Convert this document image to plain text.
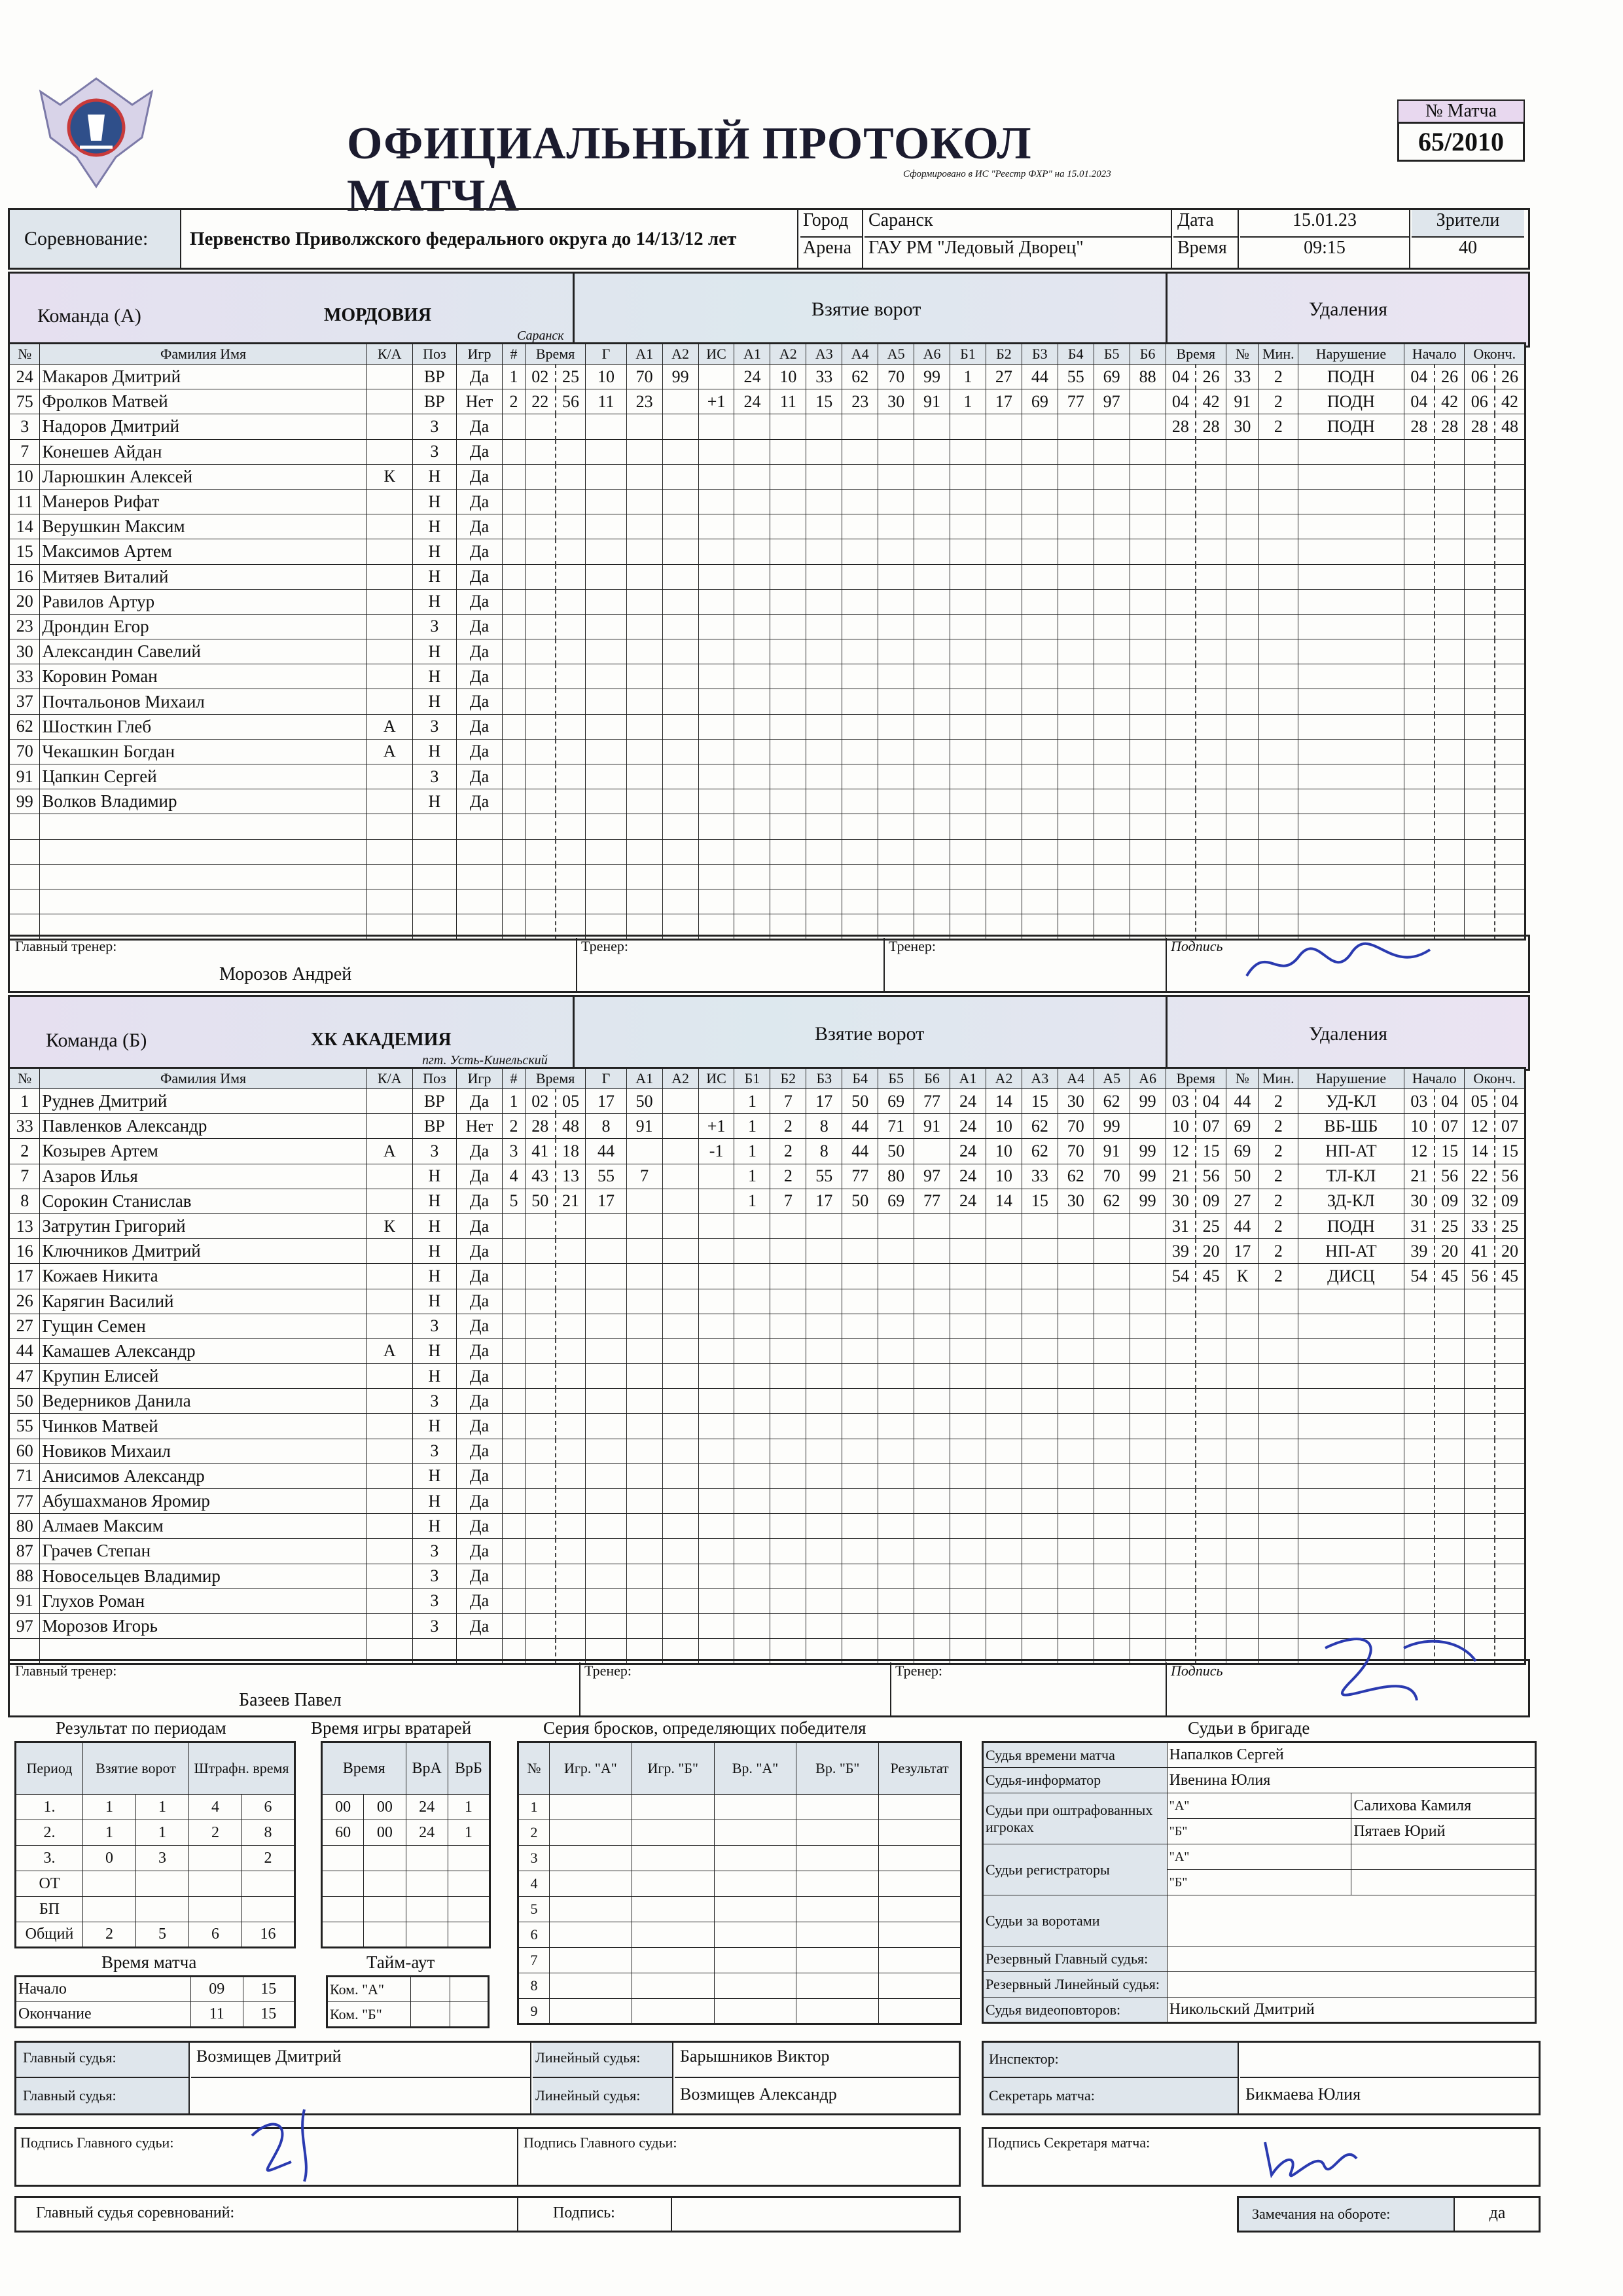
ОФИЦИАЛЬНЫЙ ПРОТОКОЛ МАТЧА	Сформировано в ИС "Реестр ФХР" на 15.01.2023
№ Матча
65/2010
Соревнование:	Первенство Приволжского федерального округа до 14/13/12 лет
Город	Саранск
Арена ГАУ РМ "Ледовый Дворец"
Дата	15.01.23
Время	09:15
Зрители
40
Команда (А)	МОРДОВИЯ
Саранск
Взятие ворот	Удаления
№	Фамилия Имя	К/А	Поз	Игр	#	Время		Г	А1	А2	ИС	А1	А2	А3	А4	А5	А6	Б1	Б2	Б3	Б4	Б5	Б6	Время		№	Мин.	Нарушение	Начало		Оконч.	
24	Макаров Дмитрий		ВР	Да	1	02	25	10	70	99		24	10	33	62	70	99	1	27	44	55	69	88	04	26	33	2	ПОДН	04	26	06	26
75	Фролков Матвей		ВР	Нет	2	22	56	11	23		+1	24	11	15	23	30	91	1	17	69	77	97		04	42	91	2	ПОДН	04	42	06	42
3	Надоров Дмитрий		З	Да																				28	28	30	2	ПОДН	28	28	28	48
7	Конешев Айдан		З	Да																												
10	Ларюшкин Алексей	К	Н	Да																												
11	Манеров Рифат		Н	Да																												
14	Верушкин Максим		Н	Да																												
15	Максимов Артем		Н	Да																												
16	Митяев Виталий		Н	Да																												
20	Равилов Артур		Н	Да																												
23	Дрондин Егор		З	Да																												
30	Александин Савелий		Н	Да																												
33	Коровин Роман		Н	Да																												
37	Почтальонов Михаил		Н	Да																												
62	Шосткин Глеб	А	З	Да																												
70	Чекашкин Богдан	А	Н	Да																												
91	Цапкин Сергей		З	Да																												
99	Волков Владимир		Н	Да																												

Главный тренер:
Морозов Андрей
Тренер:	Тренер:	Подпись
Команда (Б)	ХК АКАДЕМИЯ
пгт. Усть-Кинельский
Взятие ворот	Удаления
№	Фамилия Имя	К/А	Поз	Игр	#	Время		Г	А1	А2	ИС	Б1	Б2	Б3	Б4	Б5	Б6	А1	А2	А3	А4	А5	А6	Время		№	Мин.	Нарушение	Начало		Оконч.	
1	Руднев Дмитрий		ВР	Да	1	02	05	17	50			1	7	17	50	69	77	24	14	15	30	62	99	03	04	44	2	УД-КЛ	03	04	05	04
33	Павленков Александр		ВР	Нет	2	28	48	8	91		+1	1	2	8	44	71	91	24	10	62	70	99		10	07	69	2	ВБ-ШБ	10	07	12	07
2	Козырев Артем	А	З	Да	3	41	18	44			-1	1	2	8	44	50		24	10	62	70	91	99	12	15	69	2	НП-АТ	12	15	14	15
7	Азаров Илья		Н	Да	4	43	13	55	7			1	2	55	77	80	97	24	10	33	62	70	99	21	56	50	2	ТЛ-КЛ	21	56	22	56
8	Сорокин Станислав		Н	Да	5	50	21	17				1	7	17	50	69	77	24	14	15	30	62	99	30	09	27	2	ЗД-КЛ	30	09	32	09
13	Затрутин Григорий	К	Н	Да																				31	25	44	2	ПОДН	31	25	33	25
16	Ключников Дмитрий		Н	Да																				39	20	17	2	НП-АТ	39	20	41	20
17	Кожаев Никита		Н	Да																				54	45	К	2	ДИСЦ	54	45	56	45
26	Карягин Василий		Н	Да																												
27	Гущин Семен		З	Да																												
44	Камашев Александр	А	Н	Да																												
47	Крупин Елисей		Н	Да																												
50	Ведерников Данила		З	Да																												
55	Чинков Матвей		Н	Да																												
60	Новиков Михаил		З	Да																												
71	Анисимов Александр		Н	Да																												
77	Абушахманов Яромир		Н	Да																												
80	Алмаев Максим		Н	Да																												
87	Грачев Степан		З	Да																												
88	Новосельцев Владимир		З	Да																												
91	Глухов Роман		З	Да																												
97	Морозов Игорь		З	Да																												

Главный тренер:
Базеев Павел
Тренер:	Тренер:	Подпись
Результат по периодам
Период	Взятие ворот		Штрафн. время	
1.	1	1	4	6
2.	1	1	2	8
3.	0	3		2
ОТ				
БП				
Общий	2	5	6	16
Время игры вратарей
Время		ВрА	ВрБ
00	00	24	1
60	00	24	1

Серия бросков, определяющих победителя
№	Игр. "А"	Игр. "Б"	Вр. "А"	Вр. "Б"	Результат
1					
2					
3					
4					
5					
6					
7					
8					
9					
Время матча
Начало	09	15
Окончание	11	15
Тайм-аут
Ком. "А"		
Ком. "Б"		
Судьи в бригаде
Судья времени матча	Напалков Сергей	
Судья-информатор	Ивенина Юлия	
Судьи при оштрафованных игроках	"А"	Салихова Камиля
	"Б"	Пятаев Юрий
Судьи регистраторы	"А"	
	"Б"	
Судьи за воротами		
Резервный Главный судья:		
Резервный Линейный судья:		
Судья видеоповторов:	Никольский Дмитрий	
Главный судья:	Возмищев Дмитрий
Главный судья:
Линейный судья:	Барышников Виктор
Линейный судья:	Возмищев Александр
Инспектор:
Секретарь матча:	Бикмаева Юлия
Подпись Главного судьи:	Подпись Главного судьи:	Подпись Секретаря матча:
Главный судья соревнований:	Подпись:	Замечания на обороте:	да
